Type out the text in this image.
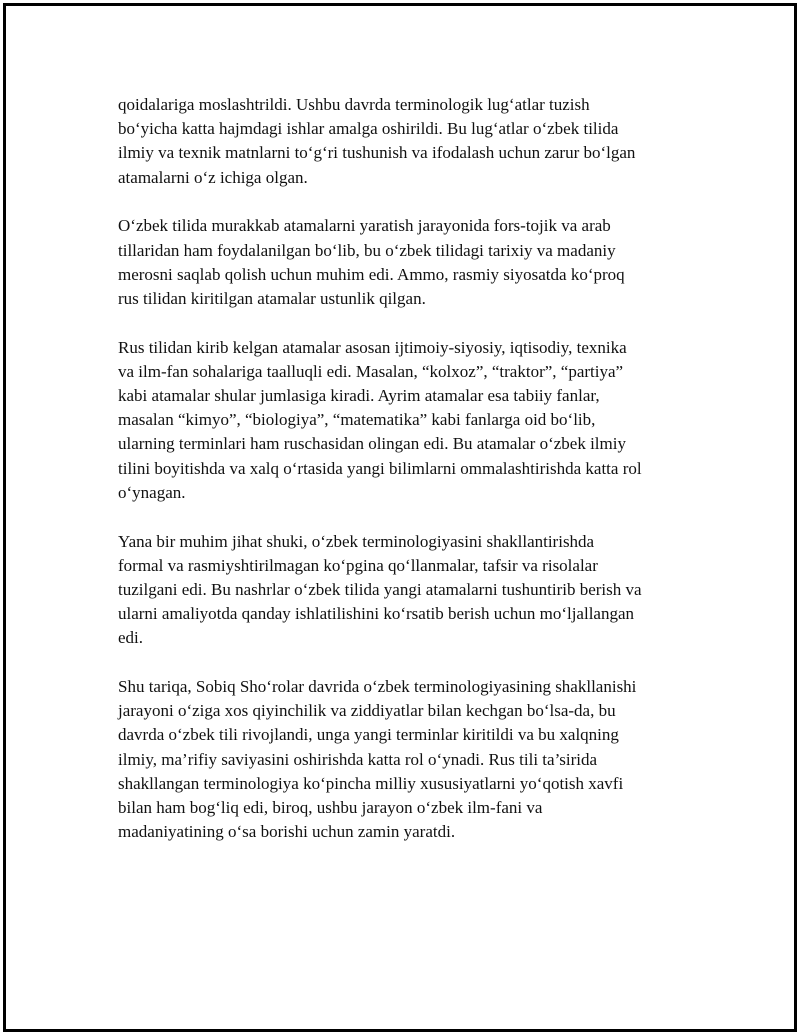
qoidalariga moslashtrildi. Ushbu davrda terminologik lug‘atlar tuzish
bo‘yicha katta hajmdagi ishlar amalga oshirildi. Bu lug‘atlar o‘zbek tilida
ilmiy va texnik matnlarni to‘g‘ri tushunish va ifodalash uchun zarur bo‘lgan
atamalarni o‘z ichiga olgan.

O‘zbek tilida murakkab atamalarni yaratish jarayonida fors-tojik va arab
tillaridan ham foydalanilgan bo‘lib, bu o‘zbek tilidagi tarixiy va madaniy
merosni saqlab qolish uchun muhim edi. Ammo, rasmiy siyosatda ko‘proq
rus tilidan kiritilgan atamalar ustunlik qilgan.

Rus tilidan kirib kelgan atamalar asosan ijtimoiy-siyosiy, iqtisodiy, texnika
va ilm-fan sohalariga taalluqli edi. Masalan, “kolxoz”, “traktor”, “partiya”
kabi atamalar shular jumlasiga kiradi. Ayrim atamalar esa tabiiy fanlar,
masalan “kimyo”, “biologiya”, “matematika” kabi fanlarga oid bo‘lib,
ularning terminlari ham ruschasidan olingan edi. Bu atamalar o‘zbek ilmiy
tilini boyitishda va xalq o‘rtasida yangi bilimlarni ommalashtirishda katta rol
o‘ynagan.

Yana bir muhim jihat shuki, o‘zbek terminologiyasini shakllantirishda
formal va rasmiyshtirilmagan ko‘pgina qo‘llanmalar, tafsir va risolalar
tuzilgani edi. Bu nashrlar o‘zbek tilida yangi atamalarni tushuntirib berish va
ularni amaliyotda qanday ishlatilishini ko‘rsatib berish uchun mo‘ljallangan
edi.

Shu tariqa, Sobiq Sho‘rolar davrida o‘zbek terminologiyasining shakllanishi
jarayoni o‘ziga xos qiyinchilik va ziddiyatlar bilan kechgan bo‘lsa-da, bu
davrda o‘zbek tili rivojlandi, unga yangi terminlar kiritildi va bu xalqning
ilmiy, ma’rifiy saviyasini oshirishda katta rol o‘ynadi. Rus tili ta’sirida
shakllangan terminologiya ko‘pincha milliy xususiyatlarni yo‘qotish xavfi
bilan ham bog‘liq edi, biroq, ushbu jarayon o‘zbek ilm-fani va
madaniyatining o‘sa borishi uchun zamin yaratdi.
